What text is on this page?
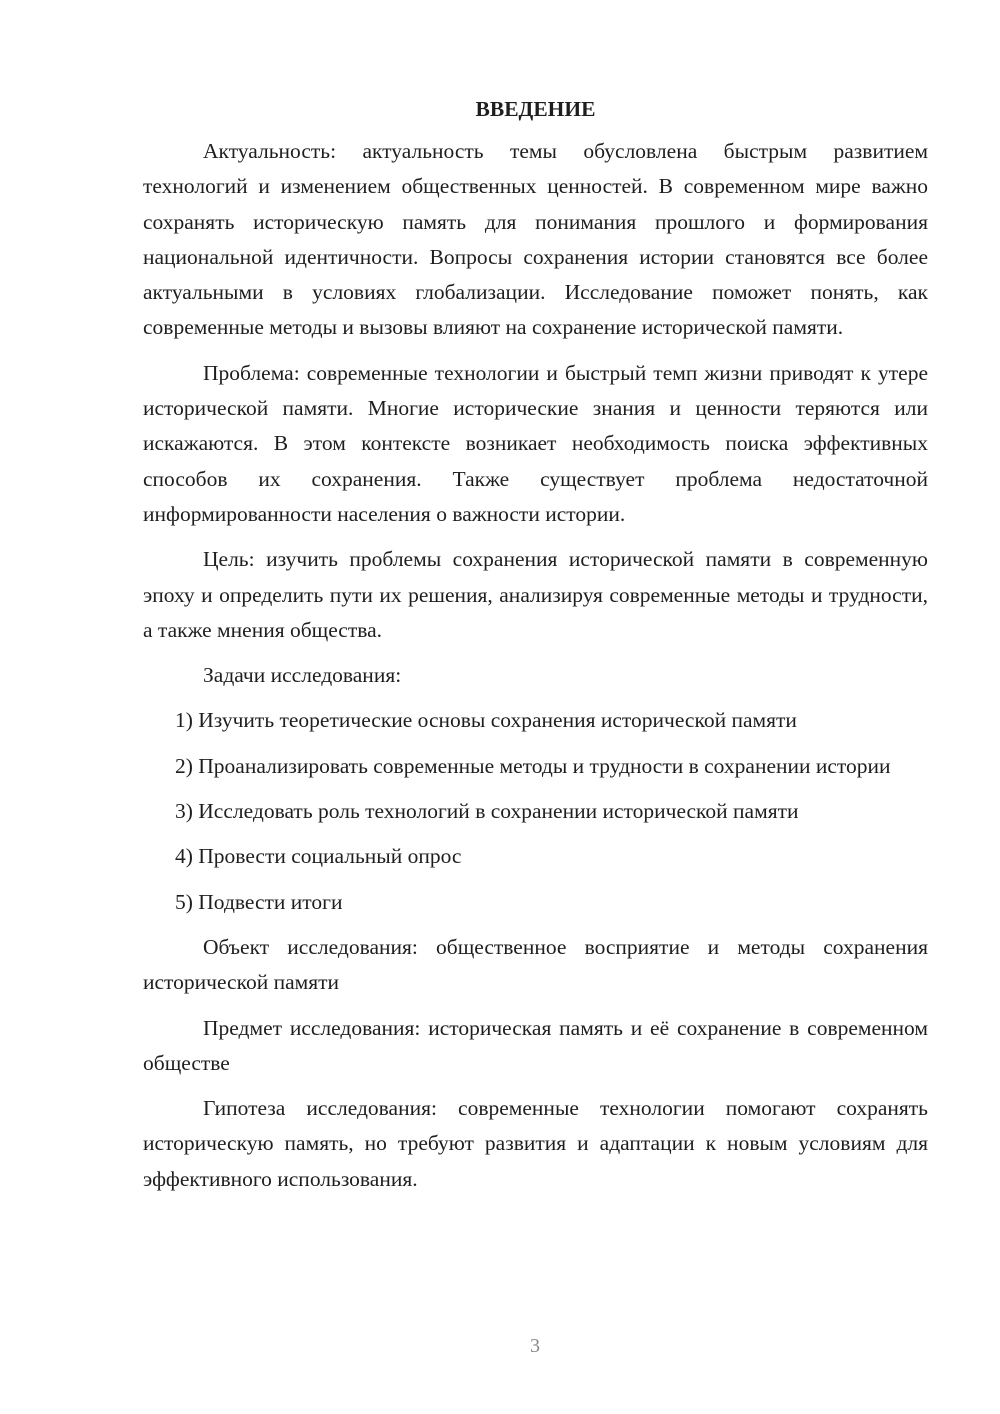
ВВЕДЕНИЕ

Актуальность: актуальность темы обусловлена быстрым развитием технологий и изменением общественных ценностей. В современном мире важно сохранять историческую память для понимания прошлого и формирования национальной идентичности. Вопросы сохранения истории становятся все более актуальными в условиях глобализации. Исследование поможет понять, как современные методы и вызовы влияют на сохранение исторической памяти.

Проблема: современные технологии и быстрый темп жизни приводят к утере исторической памяти. Многие исторические знания и ценности теряются или искажаются. В этом контексте возникает необходимость поиска эффективных способов их сохранения. Также существует проблема недостаточной информированности населения о важности истории.

Цель: изучить проблемы сохранения исторической памяти в современную эпоху и определить пути их решения, анализируя современные методы и трудности, а также мнения общества.

Задачи исследования:

1) Изучить теоретические основы сохранения исторической памяти

2) Проанализировать современные методы и трудности в сохранении истории

3) Исследовать роль технологий в сохранении исторической памяти

4) Провести социальный опрос

5) Подвести итоги

Объект исследования: общественное восприятие и методы сохранения исторической памяти

Предмет исследования: историческая память и её сохранение в современном обществе

Гипотеза исследования: современные технологии помогают сохранять историческую память, но требуют развития и адаптации к новым условиям для эффективного использования.

3
